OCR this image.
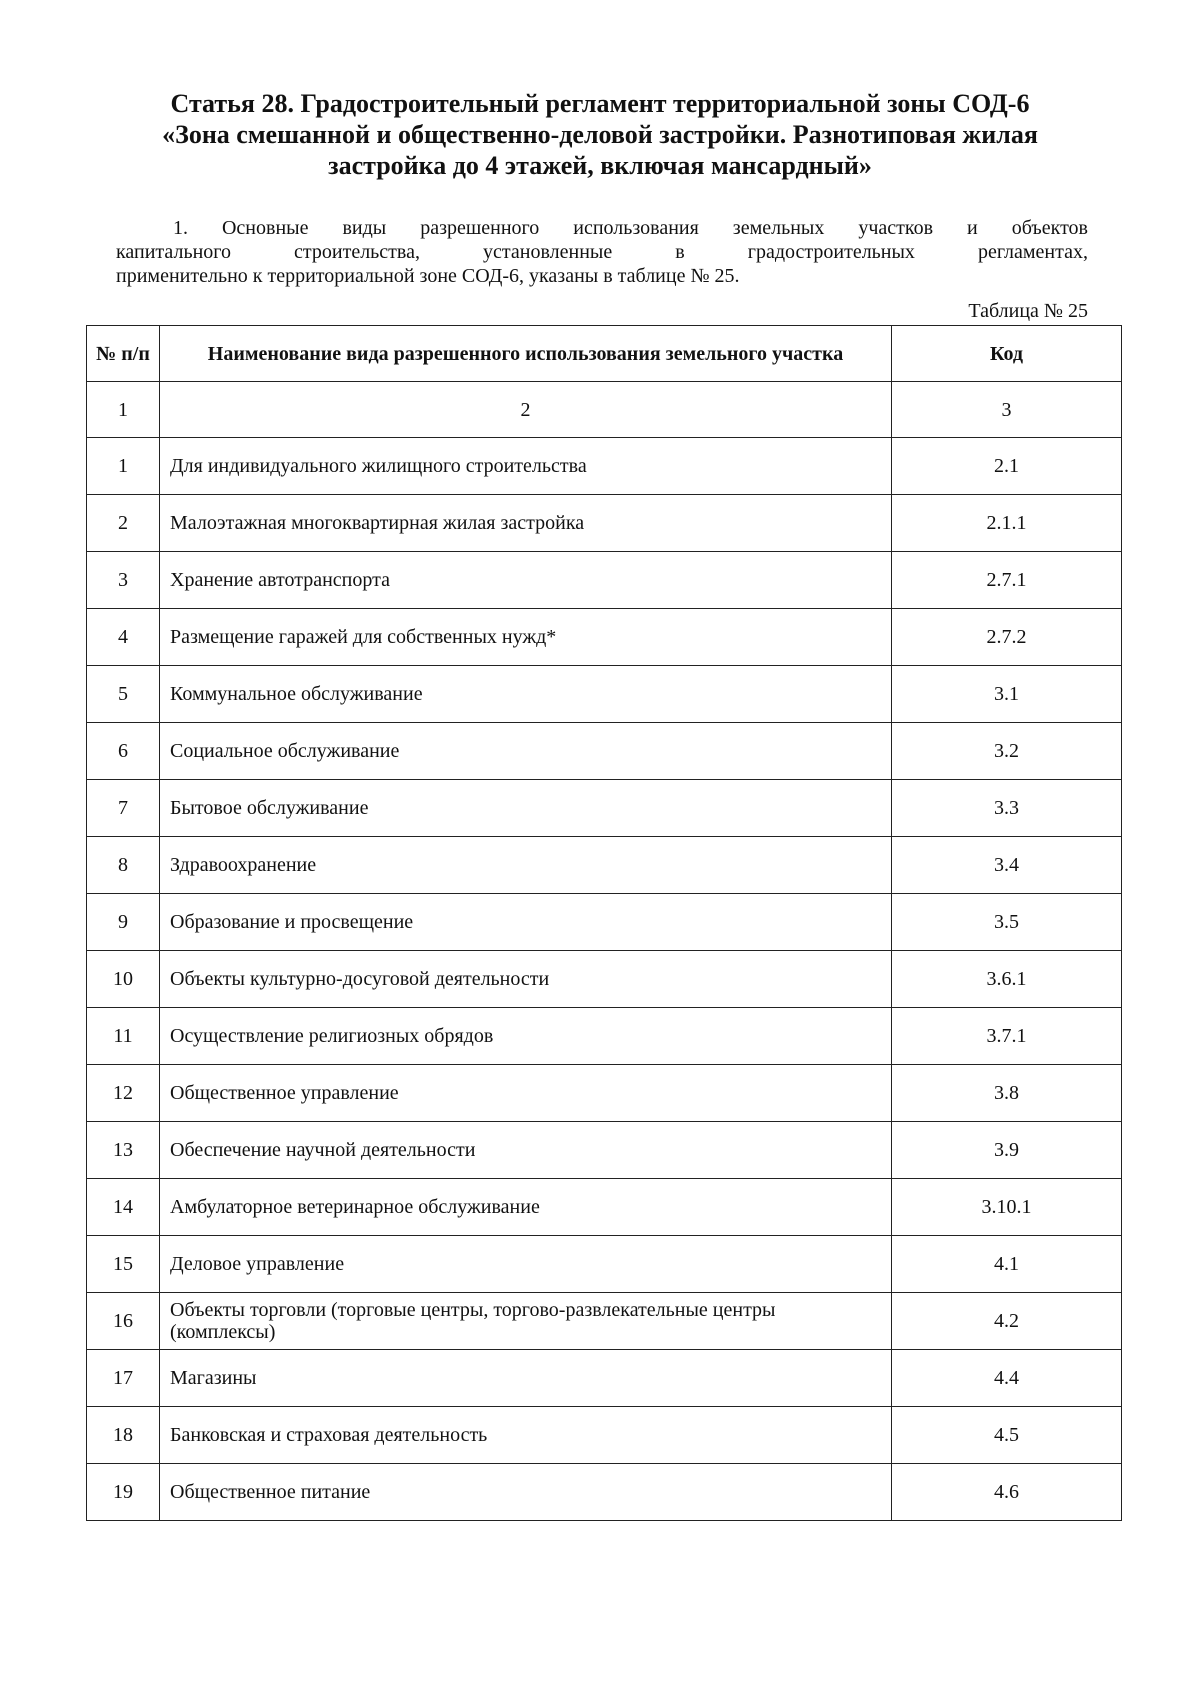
Статья 28. Градостроительный регламент территориальной зоны СОД-6
«Зона смешанной и общественно-деловой застройки. Разнотиповая жилая
застройка до 4 этажей, включая мансардный»

1. Основные виды разрешенного использования земельных участков и объектов
капитального строительства, установленные в градостроительных регламентах,
применительно к территориальной зоне СОД-6, указаны в таблице № 25.

Таблица № 25

№ п/п	Наименование вида разрешенного использования земельного участка	Код
1	2	3
1	Для индивидуального жилищного строительства	2.1
2	Малоэтажная многоквартирная жилая застройка	2.1.1
3	Хранение автотранспорта	2.7.1
4	Размещение гаражей для собственных нужд*	2.7.2
5	Коммунальное обслуживание	3.1
6	Социальное обслуживание	3.2
7	Бытовое обслуживание	3.3
8	Здравоохранение	3.4
9	Образование и просвещение	3.5
10	Объекты культурно-досуговой деятельности	3.6.1
11	Осуществление религиозных обрядов	3.7.1
12	Общественное управление	3.8
13	Обеспечение научной деятельности	3.9
14	Амбулаторное ветеринарное обслуживание	3.10.1
15	Деловое управление	4.1
16	Объекты торговли (торговые центры, торгово-развлекательные центры (комплексы)	4.2
17	Магазины	4.4
18	Банковская и страховая деятельность	4.5
19	Общественное питание	4.6
